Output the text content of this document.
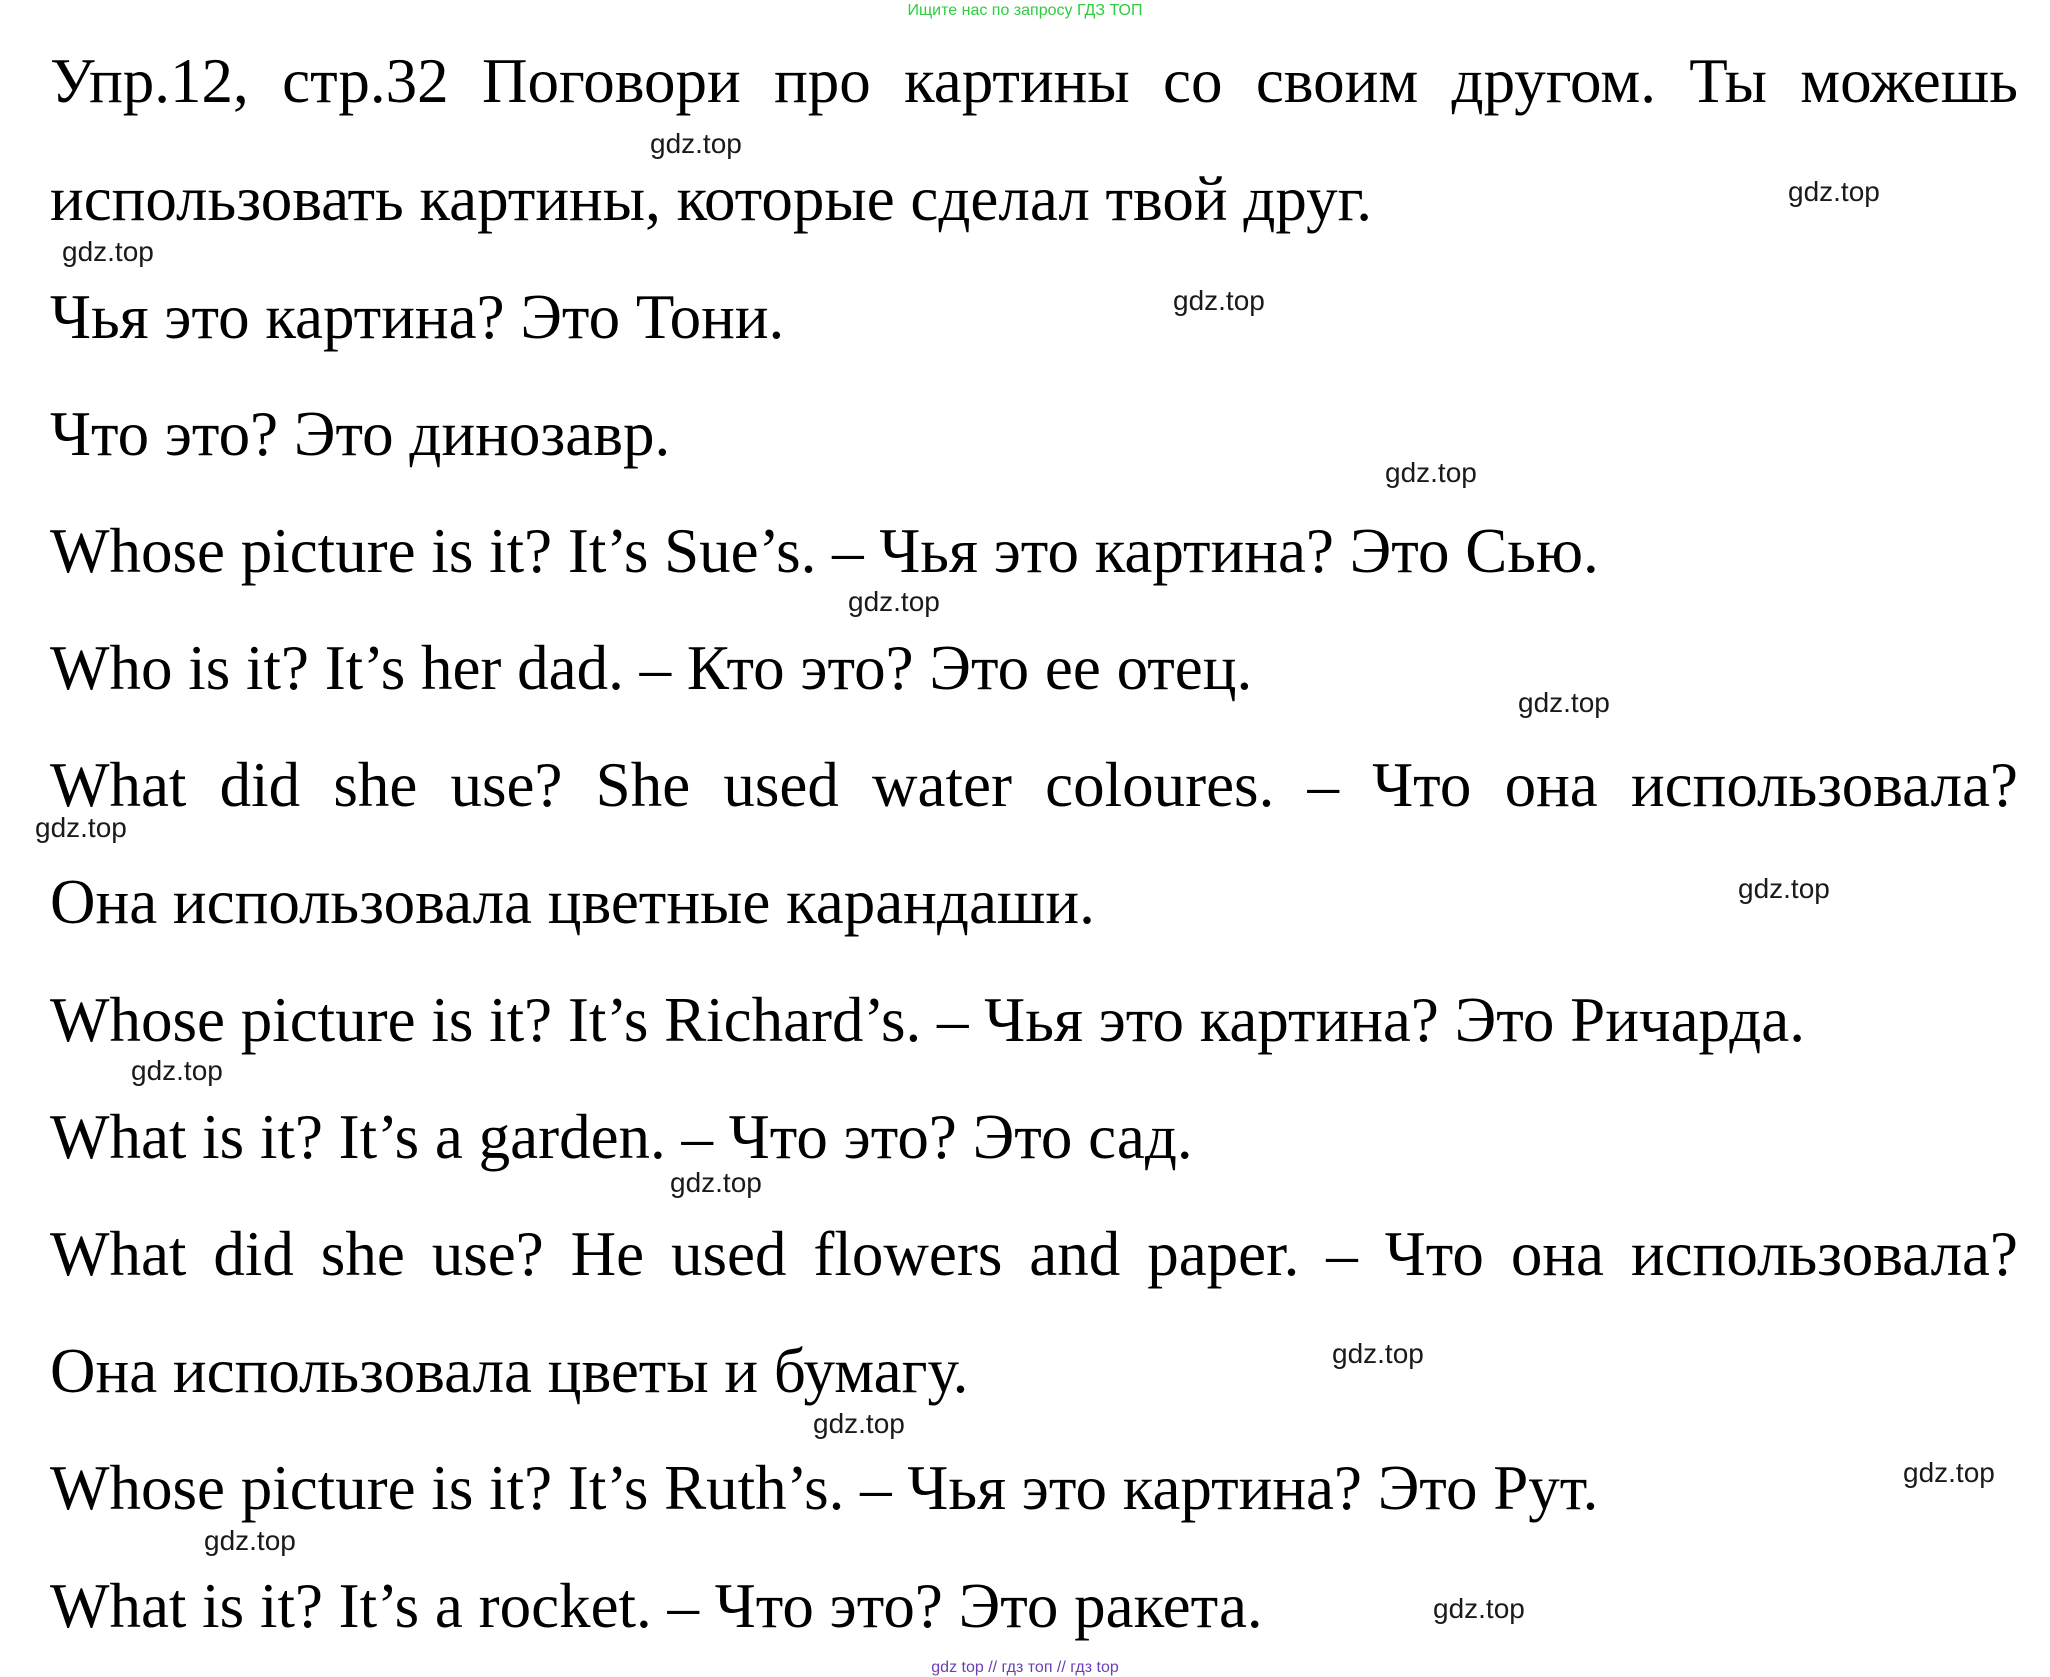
Ищите нас по запросу ГДЗ ТОП
Упр.12, стр.32 Поговори про картины со своим другом. Ты можешь
использовать картины, которые сделал твой друг.
Чья это картина? Это Тони.
Что это? Это динозавр.
Whose picture is it? It’s Sue’s. – Чья это картина? Это Сью.
Who is it? It’s her dad. – Кто это? Это ее отец.
What did she use? She used water coloures. – Что она использовала?
Она использовала цветные карандаши.
Whose picture is it? It’s Richard’s. – Чья это картина? Это Ричарда.
What is it? It’s a garden. – Что это? Это сад.
What did she use? He used flowers and paper. – Что она использовала?
Она использовала цветы и бумагу.
Whose picture is it? It’s Ruth’s. – Чья это картина? Это Рут.
What is it? It’s a rocket. – Что это? Это ракета.
gdz.top
gdz.top
gdz.top
gdz.top
gdz.top
gdz.top
gdz.top
gdz.top
gdz.top
gdz.top
gdz.top
gdz.top
gdz.top
gdz.top
gdz.top
gdz.top
gdz top // гдз топ // гдз top
